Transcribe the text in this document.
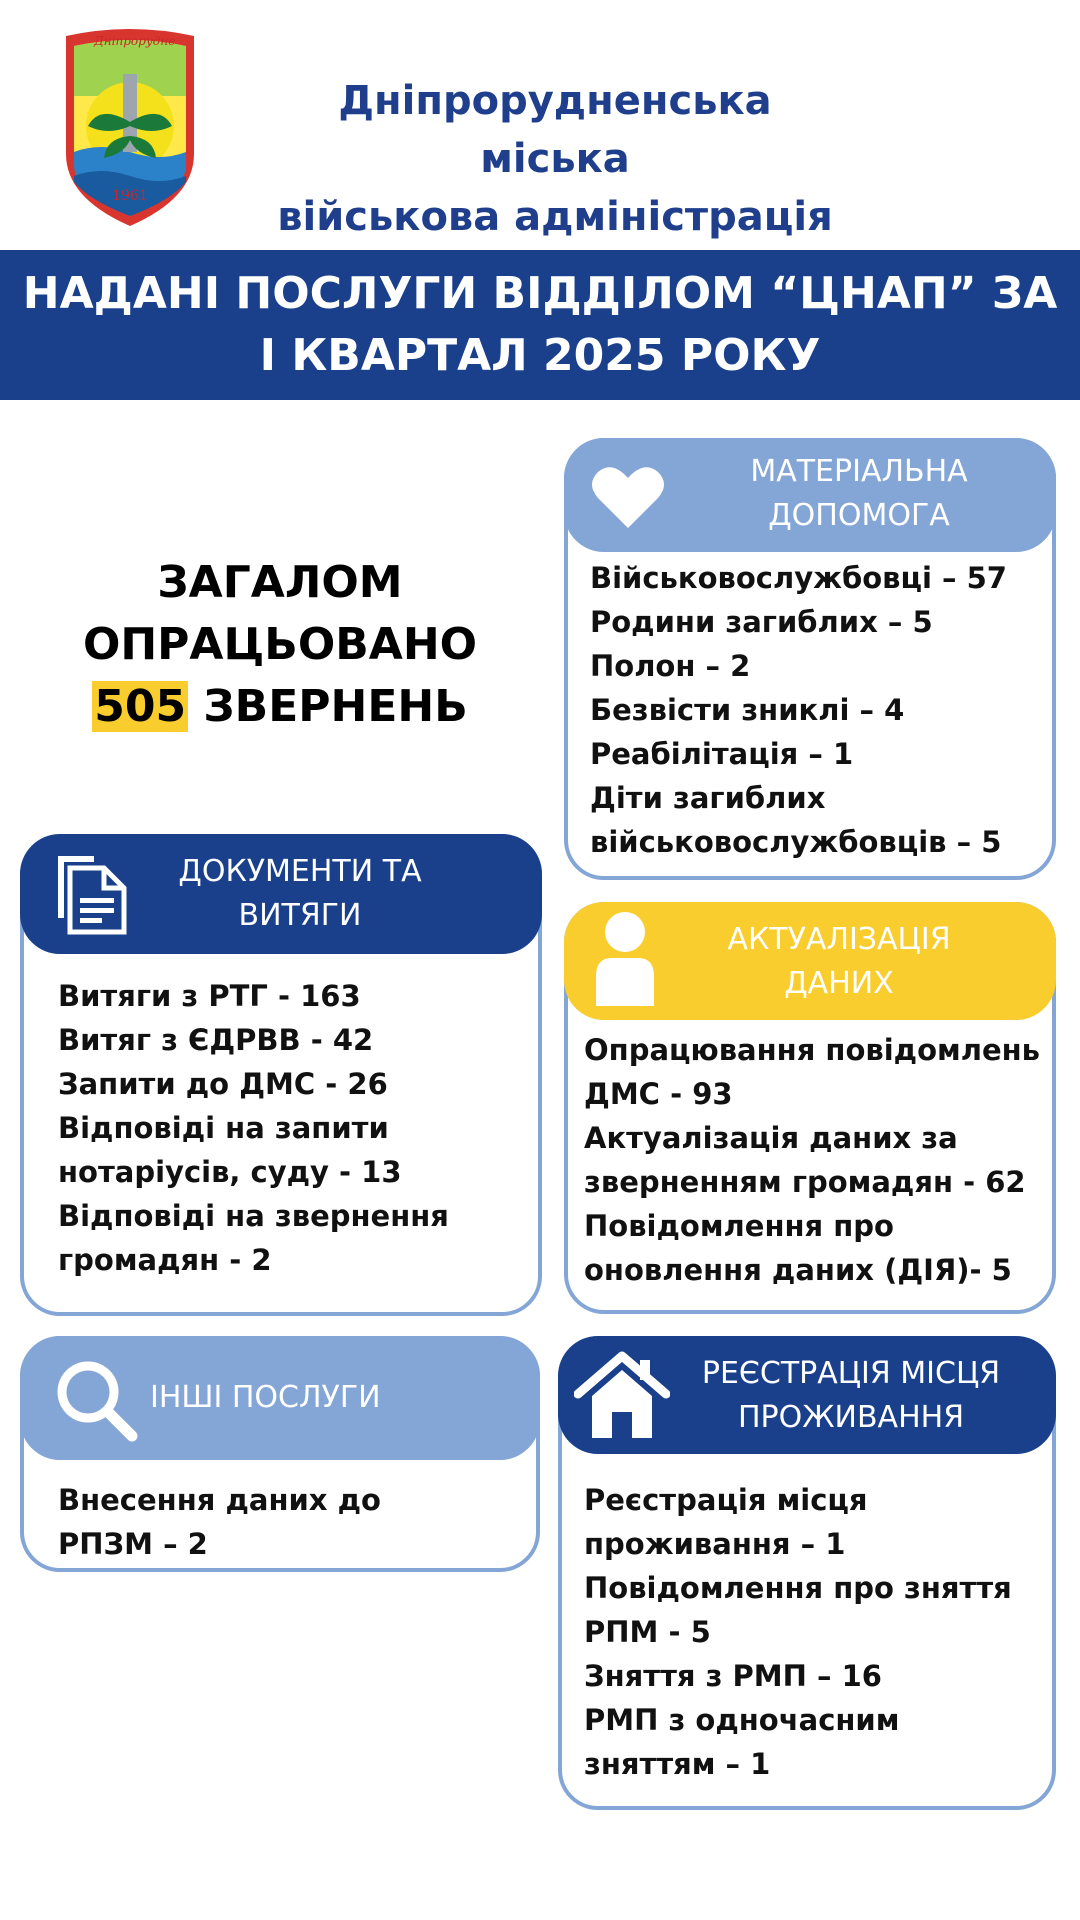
Дніпрорудне
1961
Дніпрорудненська міська
військова адміністрація
НАДАНІ ПОСЛУГИ ВІДДІЛОМ “ЦНАП” ЗА
І КВАРТАЛ 2025 РОКУ
ЗАГАЛОМ
ОПРАЦЬОВАНО
505 ЗВЕРНЕНЬ
МАТЕРІАЛЬНА
ДОПОМОГА
Військовослужбовці – 57
Родини загиблих – 5
Полон – 2
Безвісти зниклі – 4
Реабілітація – 1
Діти загиблих
військовослужбовців – 5
ДОКУМЕНТИ ТА
ВИТЯГИ
Витяги з РТГ - 163
Витяг з ЄДРВВ - 42
Запити до ДМС - 26
Відповіді на запити
нотаріусів, суду - 13
Відповіді на звернення
громадян - 2
АКТУАЛІЗАЦІЯ
ДАНИХ
Опрацювання повідомлень
ДМС - 93
Актуалізація даних за
зверненням громадян - 62
Повідомлення про
оновлення даних (ДІЯ)- 5
ІНШІ ПОСЛУГИ
Внесення даних до
РПЗМ – 2
РЕЄСТРАЦІЯ МІСЦЯ
ПРОЖИВАННЯ
Реєстрація місця
проживання – 1
Повідомлення про зняття
РПМ - 5
Зняття з РМП – 16
РМП з одночасним
зняттям – 1
